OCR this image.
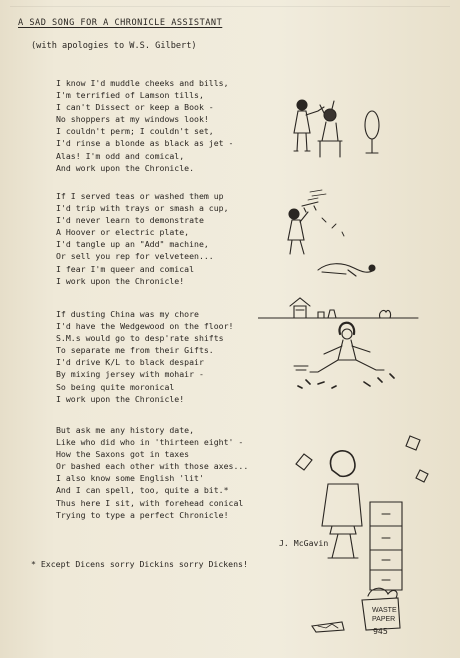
A SAD SONG FOR A CHRONICLE ASSISTANT
(with apologies to W.S. Gilbert)
I know I'd muddle cheeks and bills,
I'm terrified of Lamson tills,
I can't Dissect or keep a Book -
No shoppers at my windows look!
I couldn't perm; I couldn't set,
I'd rinse a blonde as black as jet -
Alas! I'm odd and comical,
And work upon the Chronicle.
If I served teas or washed them up
I'd trip with trays or smash a cup,
I'd never learn to demonstrate
A Hoover or electric plate,
I'd tangle up an "Add" machine,
Or sell you rep for velveteen...
I fear I'm queer and comical
I work upon the Chronicle!
If dusting China was my chore
I'd have the Wedgewood on the floor!
S.M.s would go to desp'rate shifts
To separate me from their Gifts.
I'd drive K/L to black despair
By mixing jersey with mohair -
So being quite moronical
I work upon the Chronicle!
But ask me any history date,
Like who did who in 'thirteen eight' -
How the Saxons got in taxes
Or bashed each other with those axes...
I also know some English 'lit'
And I can spell, too, quite a bit.*
Thus here I sit, with forehead conical
Trying to type a perfect Chronicle!
J. McGavin
* Except Dicens sorry Dickins sorry Dickens!
945
WASTE
PAPER
